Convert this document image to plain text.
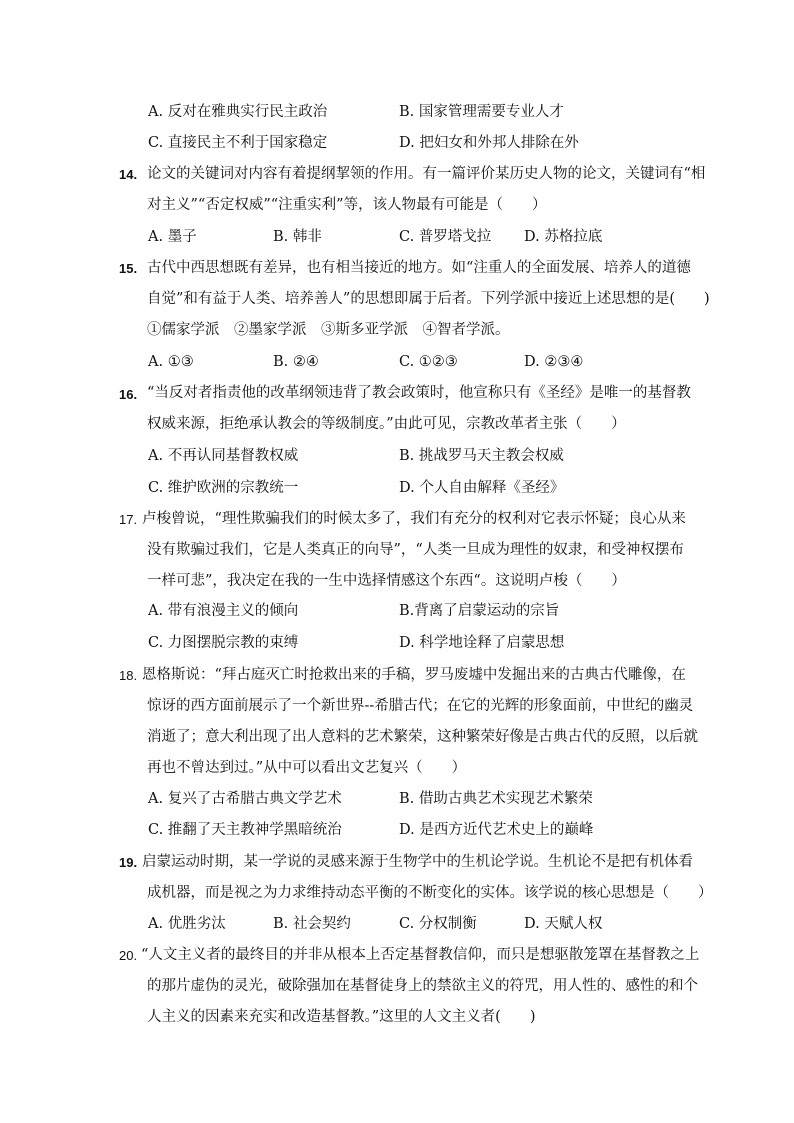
A. 反对在雅典实行民主政治	B. 国家管理需要专业人才
C. 直接民主不利于国家稳定	D. 把妇女和外邦人排除在外
14. 论文的关键词对内容有着提纲挈领的作用。有一篇评价某历史人物的论文，关键词有“相
对主义”“否定权威”“注重实利”等，该人物最有可能是（　　）
A. 墨子	B. 韩非	C. 普罗塔戈拉 D. 苏格拉底
15. 古代中西思想既有差异，也有相当接近的地方。如“注重人的全面发展、培养人的道德
自觉”和有益于人类、培养善人”的思想即属于后者。下列学派中接近上述思想的是(　　)
①儒家学派　②墨家学派　③斯多亚学派　④智者学派。
A. ①③	B. ②④	C. ①②③	D. ②③④
16. “当反对者指责他的改革纲领违背了教会政策时，他宣称只有《圣经》是唯一的基督教
权威来源，拒绝承认教会的等级制度。”由此可见，宗教改革者主张（　　）
A. 不再认同基督教权威	B. 挑战罗马天主教会权威
C. 维护欧洲的宗教统一	D. 个人自由解释《圣经》
17. 卢梭曾说，“理性欺骗我们的时候太多了，我们有充分的权利对它表示怀疑；良心从来
没有欺骗过我们，它是人类真正的向导”，“人类一旦成为理性的奴隶，和受神权摆布
一样可悲”，我决定在我的一生中选择情感这个东西“。这说明卢梭（　　）
A. 带有浪漫主义的倾向	B.背离了启蒙运动的宗旨
C. 力图摆脱宗教的束缚	D. 科学地诠释了启蒙思想
18. 恩格斯说：“拜占庭灭亡时抢救出来的手稿，罗马废墟中发掘出来的古典古代雕像，在
惊讶的西方面前展示了一个新世界--希腊古代；在它的光辉的形象面前，中世纪的幽灵
消逝了；意大利出现了出人意料的艺术繁荣，这种繁荣好像是古典古代的反照，以后就
再也不曾达到过。”从中可以看出文艺复兴（　　）
A. 复兴了古希腊古典文学艺术	B. 借助古典艺术实现艺术繁荣
C. 推翻了天主教神学黑暗统治	D. 是西方近代艺术史上的巅峰
19. 启蒙运动时期，某一学说的灵感来源于生物学中的生机论学说。生机论不是把有机体看
成机器，而是视之为力求维持动态平衡的不断变化的实体。该学说的核心思想是（　　）
A. 优胜劣汰	B. 社会契约	C. 分权制衡	D. 天赋人权
20. “人文主义者的最终目的并非从根本上否定基督教信仰，而只是想驱散笼罩在基督教之上
的那片虚伪的灵光，破除强加在基督徒身上的禁欲主义的符咒，用人性的、感性的和个
人主义的因素来充实和改造基督教。”这里的人文主义者(　　)
